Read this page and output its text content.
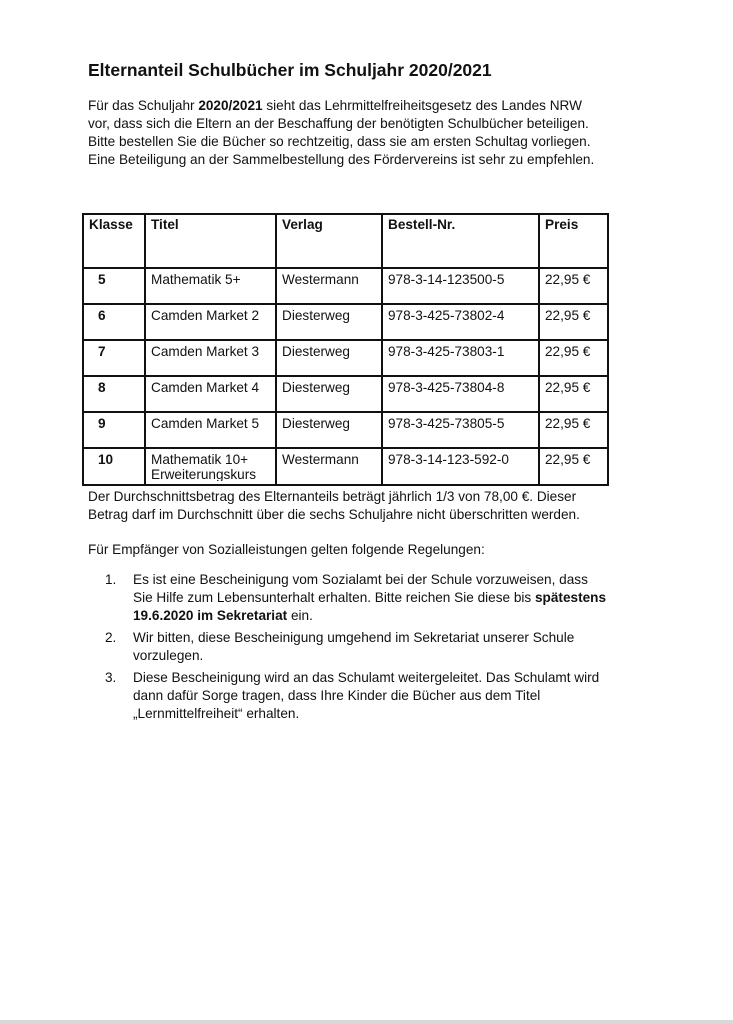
Elternanteil Schulbücher im Schuljahr 2020/2021

Für das Schuljahr 2020/2021 sieht das Lehrmittelfreiheitsgesetz des Landes NRW
vor, dass sich die Eltern an der Beschaffung der benötigten Schulbücher beteiligen.
Bitte bestellen Sie die Bücher so rechtzeitig, dass sie am ersten Schultag vorliegen.
Eine Beteiligung an der Sammelbestellung des Fördervereins ist sehr zu empfehlen.

Klasse	Titel	Verlag	Bestell-Nr.	Preis
5	Mathematik 5+	Westermann	978-3-14-123500-5	22,95 €
6	Camden Market 2	Diesterweg	978-3-425-73802-4	22,95 €
7	Camden Market 3	Diesterweg	978-3-425-73803-1	22,95 €
8	Camden Market 4	Diesterweg	978-3-425-73804-8	22,95 €
9	Camden Market 5	Diesterweg	978-3-425-73805-5	22,95 €
10	Mathematik 10+
Erweiterungskurs	Westermann	978-3-14-123-592-0	22,95 €

Der Durchschnittsbetrag des Elternanteils beträgt jährlich 1/3 von 78,00 €. Dieser
Betrag darf im Durchschnitt über die sechs Schuljahre nicht überschritten werden.

Für Empfänger von Sozialleistungen gelten folgende Regelungen:

1. Es ist eine Bescheinigung vom Sozialamt bei der Schule vorzuweisen, dass
Sie Hilfe zum Lebensunterhalt erhalten. Bitte reichen Sie diese bis spätestens
19.6.2020 im Sekretariat ein.
2. Wir bitten, diese Bescheinigung umgehend im Sekretariat unserer Schule
vorzulegen.
3. Diese Bescheinigung wird an das Schulamt weitergeleitet. Das Schulamt wird
dann dafür Sorge tragen, dass Ihre Kinder die Bücher aus dem Titel
„Lernmittelfreiheit“ erhalten.
